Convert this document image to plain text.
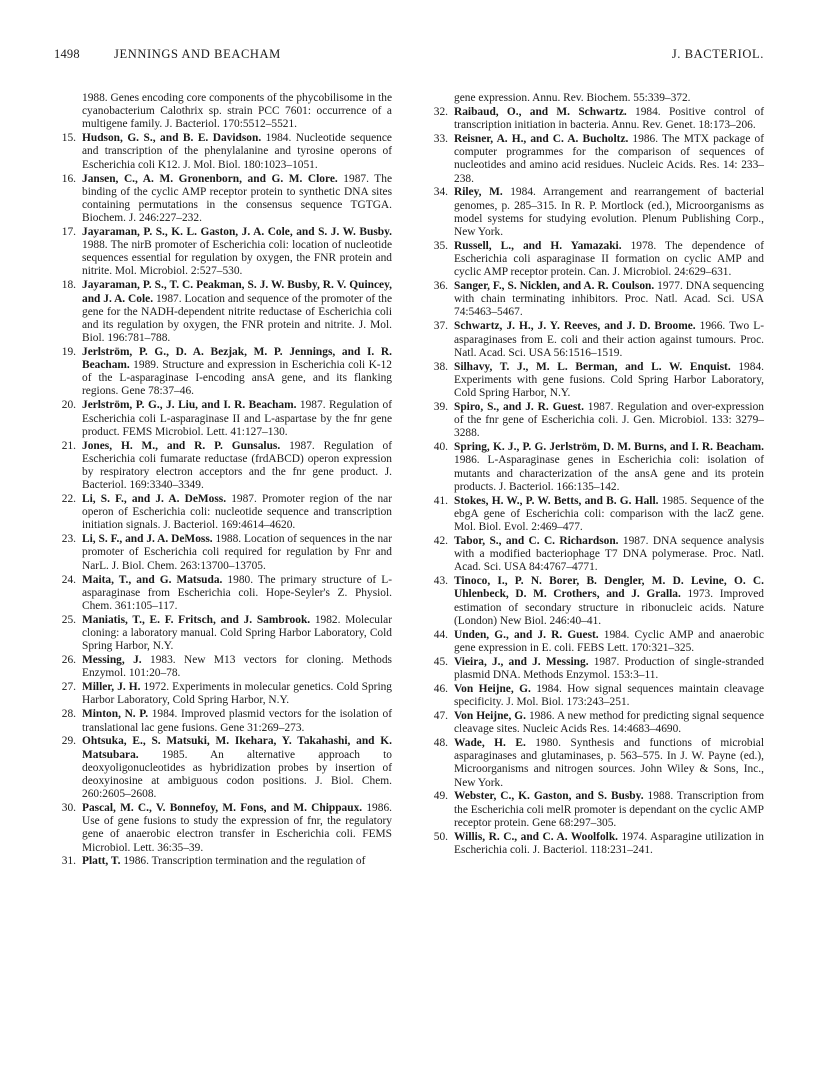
1498	JENNINGS AND BEACHAM	J. BACTERIOL.
1988. Genes encoding core components of the phycobilisome in the cyanobacterium Calothrix sp. strain PCC 7601: occurrence of a multigene family. J. Bacteriol. 170:5512–5521.
15. Hudson, G. S., and B. E. Davidson. 1984. Nucleotide sequence and transcription of the phenylalanine and tyrosine operons of Escherichia coli K12. J. Mol. Biol. 180:1023–1051.
16. Jansen, C., A. M. Gronenborn, and G. M. Clore. 1987. The binding of the cyclic AMP receptor protein to synthetic DNA sites containing permutations in the consensus sequence TGTGA. Biochem. J. 246:227–232.
17. Jayaraman, P. S., K. L. Gaston, J. A. Cole, and S. J. W. Busby. 1988. The nirB promoter of Escherichia coli: location of nucleotide sequences essential for regulation by oxygen, the FNR protein and nitrite. Mol. Microbiol. 2:527–530.
18. Jayaraman, P. S., T. C. Peakman, S. J. W. Busby, R. V. Quincey, and J. A. Cole. 1987. Location and sequence of the promoter of the gene for the NADH-dependent nitrite reductase of Escherichia coli and its regulation by oxygen, the FNR protein and nitrite. J. Mol. Biol. 196:781–788.
19. Jerlström, P. G., D. A. Bezjak, M. P. Jennings, and I. R. Beacham. 1989. Structure and expression in Escherichia coli K-12 of the L-asparaginase I-encoding ansA gene, and its flanking regions. Gene 78:37–46.
20. Jerlström, P. G., J. Liu, and I. R. Beacham. 1987. Regulation of Escherichia coli L-asparaginase II and L-aspartase by the fnr gene product. FEMS Microbiol. Lett. 41:127–130.
21. Jones, H. M., and R. P. Gunsalus. 1987. Regulation of Escherichia coli fumarate reductase (frdABCD) operon expression by respiratory electron acceptors and the fnr gene product. J. Bacteriol. 169:3340–3349.
22. Li, S. F., and J. A. DeMoss. 1987. Promoter region of the nar operon of Escherichia coli: nucleotide sequence and transcription initiation signals. J. Bacteriol. 169:4614–4620.
23. Li, S. F., and J. A. DeMoss. 1988. Location of sequences in the nar promoter of Escherichia coli required for regulation by Fnr and NarL. J. Biol. Chem. 263:13700–13705.
24. Maita, T., and G. Matsuda. 1980. The primary structure of L-asparaginase from Escherichia coli. Hope-Seyler's Z. Physiol. Chem. 361:105–117.
25. Maniatis, T., E. F. Fritsch, and J. Sambrook. 1982. Molecular cloning: a laboratory manual. Cold Spring Harbor Laboratory, Cold Spring Harbor, N.Y.
26. Messing, J. 1983. New M13 vectors for cloning. Methods Enzymol. 101:20–78.
27. Miller, J. H. 1972. Experiments in molecular genetics. Cold Spring Harbor Laboratory, Cold Spring Harbor, N.Y.
28. Minton, N. P. 1984. Improved plasmid vectors for the isolation of translational lac gene fusions. Gene 31:269–273.
29. Ohtsuka, E., S. Matsuki, M. Ikehara, Y. Takahashi, and K. Matsubara. 1985. An alternative approach to deoxyoligonucleotides as hybridization probes by insertion of deoxyinosine at ambiguous codon positions. J. Biol. Chem. 260:2605–2608.
30. Pascal, M. C., V. Bonnefoy, M. Fons, and M. Chippaux. 1986. Use of gene fusions to study the expression of fnr, the regulatory gene of anaerobic electron transfer in Escherichia coli. FEMS Microbiol. Lett. 36:35–39.
31. Platt, T. 1986. Transcription termination and the regulation of
gene expression. Annu. Rev. Biochem. 55:339–372.
32. Raibaud, O., and M. Schwartz. 1984. Positive control of transcription initiation in bacteria. Annu. Rev. Genet. 18:173–206.
33. Reisner, A. H., and C. A. Bucholtz. 1986. The MTX package of computer programmes for the comparison of sequences of nucleotides and amino acid residues. Nucleic Acids. Res. 14: 233–238.
34. Riley, M. 1984. Arrangement and rearrangement of bacterial genomes, p. 285–315. In R. P. Mortlock (ed.), Microorganisms as model systems for studying evolution. Plenum Publishing Corp., New York.
35. Russell, L., and H. Yamazaki. 1978. The dependence of Escherichia coli asparaginase II formation on cyclic AMP and cyclic AMP receptor protein. Can. J. Microbiol. 24:629–631.
36. Sanger, F., S. Nicklen, and A. R. Coulson. 1977. DNA sequencing with chain terminating inhibitors. Proc. Natl. Acad. Sci. USA 74:5463–5467.
37. Schwartz, J. H., J. Y. Reeves, and J. D. Broome. 1966. Two L-asparaginases from E. coli and their action against tumours. Proc. Natl. Acad. Sci. USA 56:1516–1519.
38. Silhavy, T. J., M. L. Berman, and L. W. Enquist. 1984. Experiments with gene fusions. Cold Spring Harbor Laboratory, Cold Spring Harbor, N.Y.
39. Spiro, S., and J. R. Guest. 1987. Regulation and over-expression of the fnr gene of Escherichia coli. J. Gen. Microbiol. 133: 3279–3288.
40. Spring, K. J., P. G. Jerlström, D. M. Burns, and I. R. Beacham. 1986. L-Asparaginase genes in Escherichia coli: isolation of mutants and characterization of the ansA gene and its protein products. J. Bacteriol. 166:135–142.
41. Stokes, H. W., P. W. Betts, and B. G. Hall. 1985. Sequence of the ebgA gene of Escherichia coli: comparison with the lacZ gene. Mol. Biol. Evol. 2:469–477.
42. Tabor, S., and C. C. Richardson. 1987. DNA sequence analysis with a modified bacteriophage T7 DNA polymerase. Proc. Natl. Acad. Sci. USA 84:4767–4771.
43. Tinoco, I., P. N. Borer, B. Dengler, M. D. Levine, O. C. Uhlenbeck, D. M. Crothers, and J. Gralla. 1973. Improved estimation of secondary structure in ribonucleic acids. Nature (London) New Biol. 246:40–41.
44. Unden, G., and J. R. Guest. 1984. Cyclic AMP and anaerobic gene expression in E. coli. FEBS Lett. 170:321–325.
45. Vieira, J., and J. Messing. 1987. Production of single-stranded plasmid DNA. Methods Enzymol. 153:3–11.
46. Von Heijne, G. 1984. How signal sequences maintain cleavage specificity. J. Mol. Biol. 173:243–251.
47. Von Heijne, G. 1986. A new method for predicting signal sequence cleavage sites. Nucleic Acids Res. 14:4683–4690.
48. Wade, H. E. 1980. Synthesis and functions of microbial asparaginases and glutaminases, p. 563–575. In J. W. Payne (ed.), Microorganisms and nitrogen sources. John Wiley & Sons, Inc., New York.
49. Webster, C., K. Gaston, and S. Busby. 1988. Transcription from the Escherichia coli melR promoter is dependant on the cyclic AMP receptor protein. Gene 68:297–305.
50. Willis, R. C., and C. A. Woolfolk. 1974. Asparagine utilization in Escherichia coli. J. Bacteriol. 118:231–241.
